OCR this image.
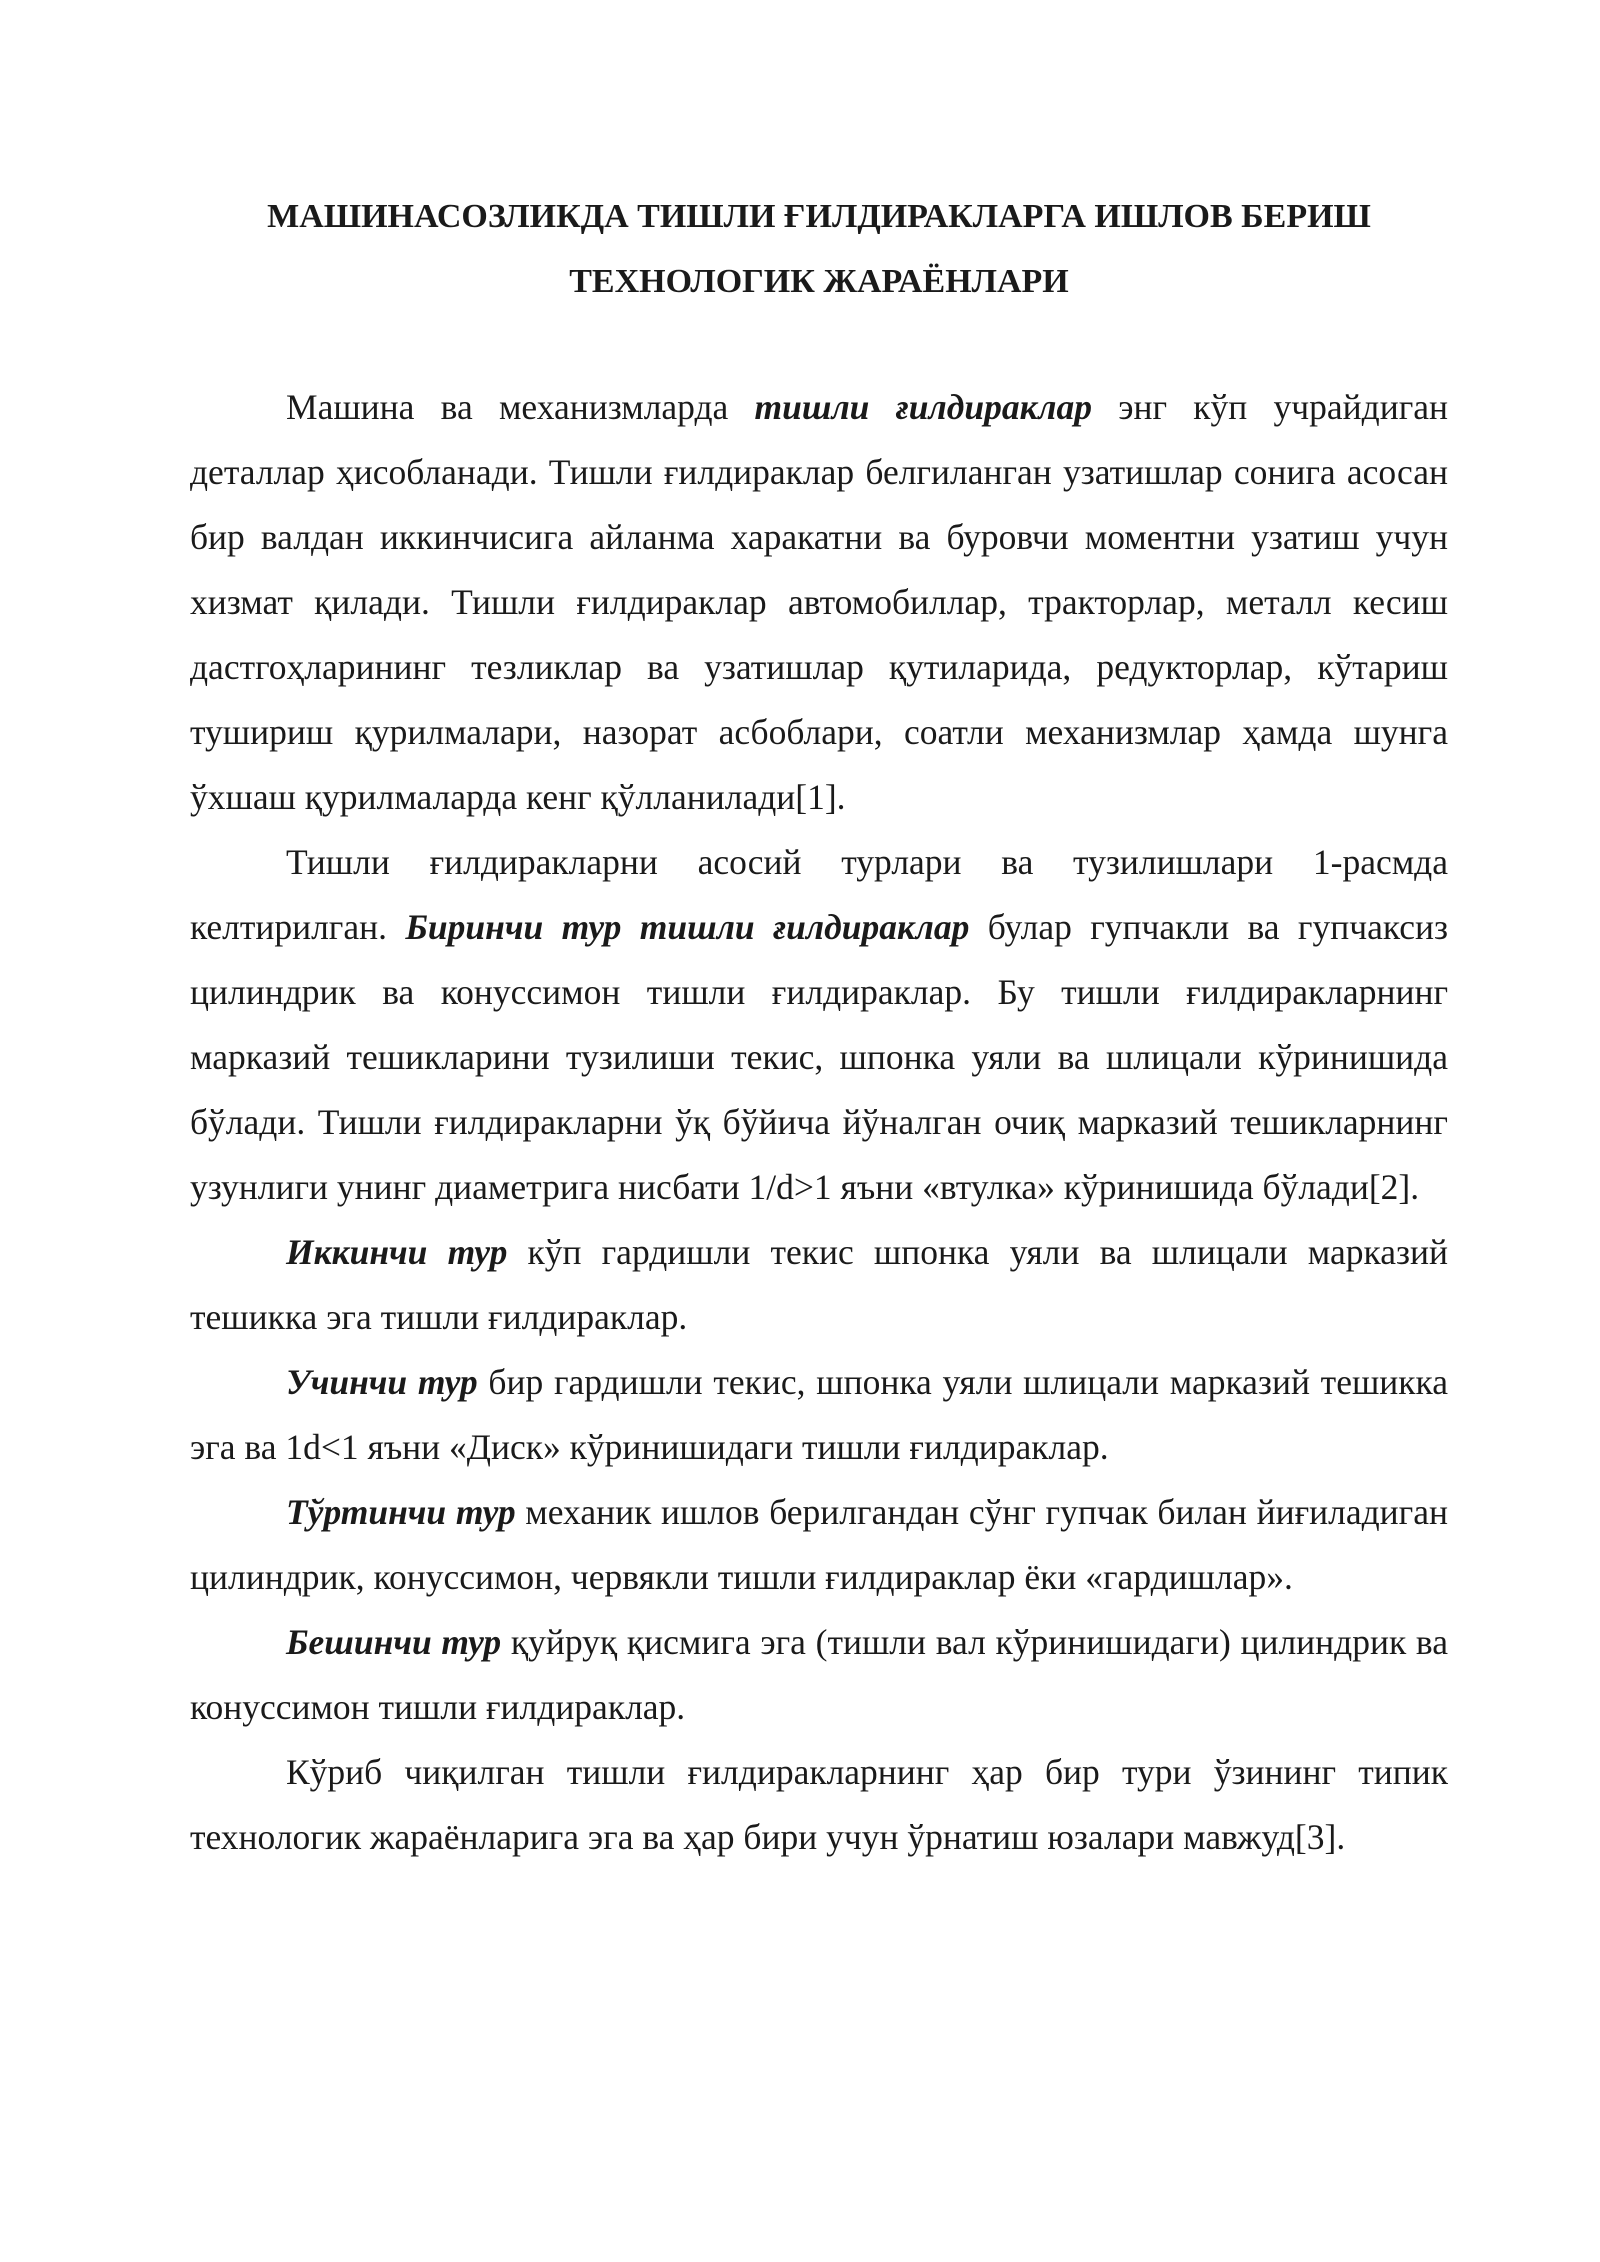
МАШИНАСОЗЛИКДА ТИШЛИ ҒИЛДИРАКЛАРГА ИШЛОВ БЕРИШ
ТЕХНОЛОГИК ЖАРАЁНЛАРИ

Машина ва механизмларда тишли ғилдираклар энг кўп учрайдиган деталлар ҳисобланади. Тишли ғилдираклар белгиланган узатишлар сонига асосан бир валдан иккинчисига айланма харакатни ва буровчи моментни узатиш учун хизмат қилади. Тишли ғилдираклар автомобиллар, тракторлар, металл кесиш дастгоҳларининг тезликлар ва узатишлар қутиларида, редукторлар, кўтариш тушириш қурилмалари, назорат асбоблари, соатли механизмлар ҳамда шунга ўхшаш қурилмаларда кенг қўлланилади[1].

Тишли ғилдиракларни асосий турлари ва тузилишлари 1-расмда келтирилган. Биринчи тур тишли ғилдираклар булар гупчакли ва гупчаксиз цилиндрик ва конуссимон тишли ғилдираклар. Бу тишли ғилдиракларнинг марказий тешикларини тузилиши текис, шпонка уяли ва шлицали кўринишида бўлади. Тишли ғилдиракларни ўқ бўйича йўналган очиқ марказий тешикларнинг узунлиги унинг диаметрига нисбати 1/d>1 яъни «втулка» кўринишида бўлади[2].

Иккинчи тур кўп гардишли текис шпонка уяли ва шлицали марказий тешикка эга тишли ғилдираклар.

Учинчи тур бир гардишли текис, шпонка уяли шлицали марказий тешикка эга ва 1d<1 яъни «Диск» кўринишидаги тишли ғилдираклар.

Тўртинчи тур механик ишлов берилгандан сўнг гупчак билан йиғиладиган цилиндрик, конуссимон, червякли тишли ғилдираклар ёки «гардишлар».

Бешинчи тур қуйруқ қисмига эга (тишли вал кўринишидаги) цилиндрик ва конуссимон тишли ғилдираклар.

Кўриб чиқилган тишли ғилдиракларнинг ҳар бир тури ўзининг типик технологик жараёнларига эга ва ҳар бири учун ўрнатиш юзалари мавжуд[3].
